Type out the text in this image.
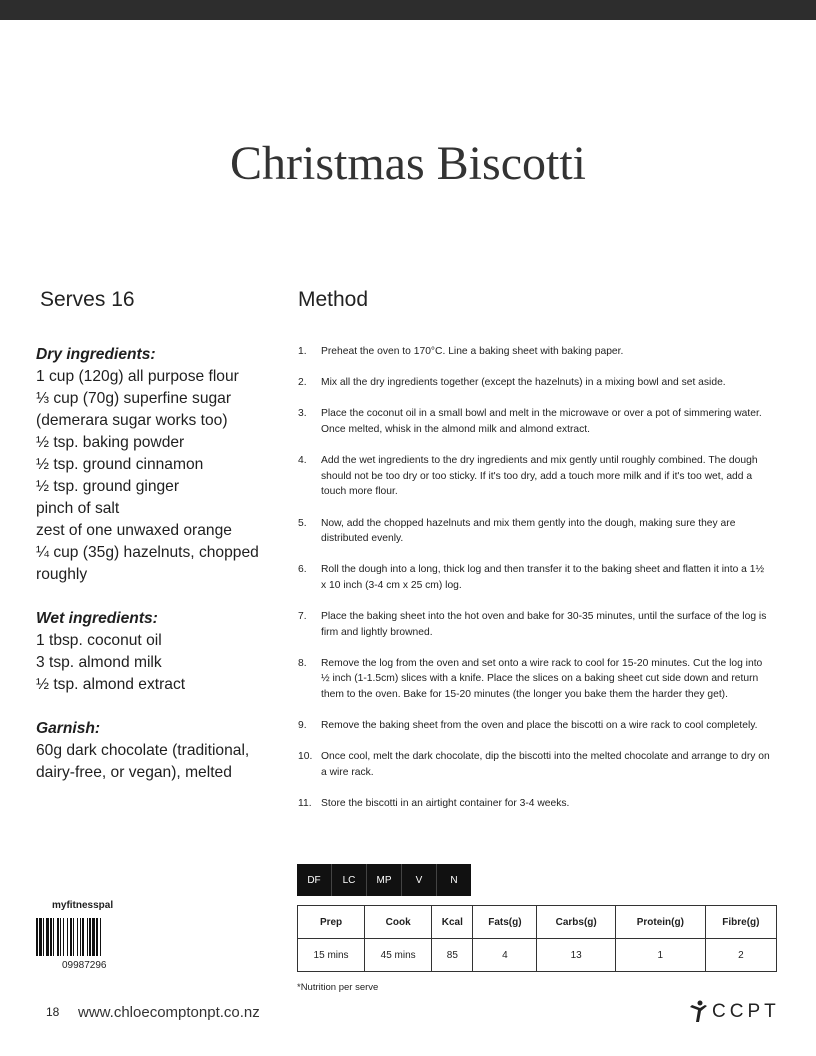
Christmas Biscotti
Serves 16	Method
Dry ingredients:
1 cup (120g) all purpose flour
⅓ cup (70g) superfine sugar (demerara sugar works too)
½ tsp. baking powder
½ tsp. ground cinnamon
½ tsp. ground ginger
pinch of salt
zest of one unwaxed orange
¼ cup (35g) hazelnuts, chopped roughly
Wet ingredients:
1 tbsp. coconut oil
3 tsp. almond milk
½ tsp. almond extract
Garnish:
60g dark chocolate (traditional, dairy-free, or vegan), melted
1.	Preheat the oven to 170°C. Line a baking sheet with baking paper.
2.	Mix all the dry ingredients together (except the hazelnuts) in a mixing bowl and set aside.
3.	Place the coconut oil in a small bowl and melt in the microwave or over a pot of simmering water. Once melted, whisk in the almond milk and almond extract.
4.	Add the wet ingredients to the dry ingredients and mix gently until roughly combined. The dough should not be too dry or too sticky. If it's too dry, add a touch more milk and if it's too wet, add a touch more flour.
5.	Now, add the chopped hazelnuts and mix them gently into the dough, making sure they are distributed evenly.
6.	Roll the dough into a long, thick log and then transfer it to the baking sheet and flatten it into a 1½ x 10 inch (3-4 cm x 25 cm) log.
7.	Place the baking sheet into the hot oven and bake for 30-35 minutes, until the surface of the log is firm and lightly browned.
8.	Remove the log from the oven and set onto a wire rack to cool for 15-20 minutes. Cut the log into ½ inch (1-1.5cm) slices with a knife. Place the slices on a baking sheet cut side down and return them to the oven. Bake for 15-20 minutes (the longer you bake them the harder they get).
9.	Remove the baking sheet from the oven and place the biscotti on a wire rack to cool completely.
10. Once cool, melt the dark chocolate, dip the biscotti into the melted chocolate and arrange to dry on a wire rack.
11. Store the biscotti in an airtight container for 3-4 weeks.
DF	LC	MP	V	N
Prep	Cook	Kcal	Fats(g)	Carbs(g)	Protein(g)	Fibre(g)
15 mins	45 mins	85	4	13	1	2
*Nutrition per serve
myfitnesspal
09987296
18 www.chloecomptonpt.co.nz	CCPT
